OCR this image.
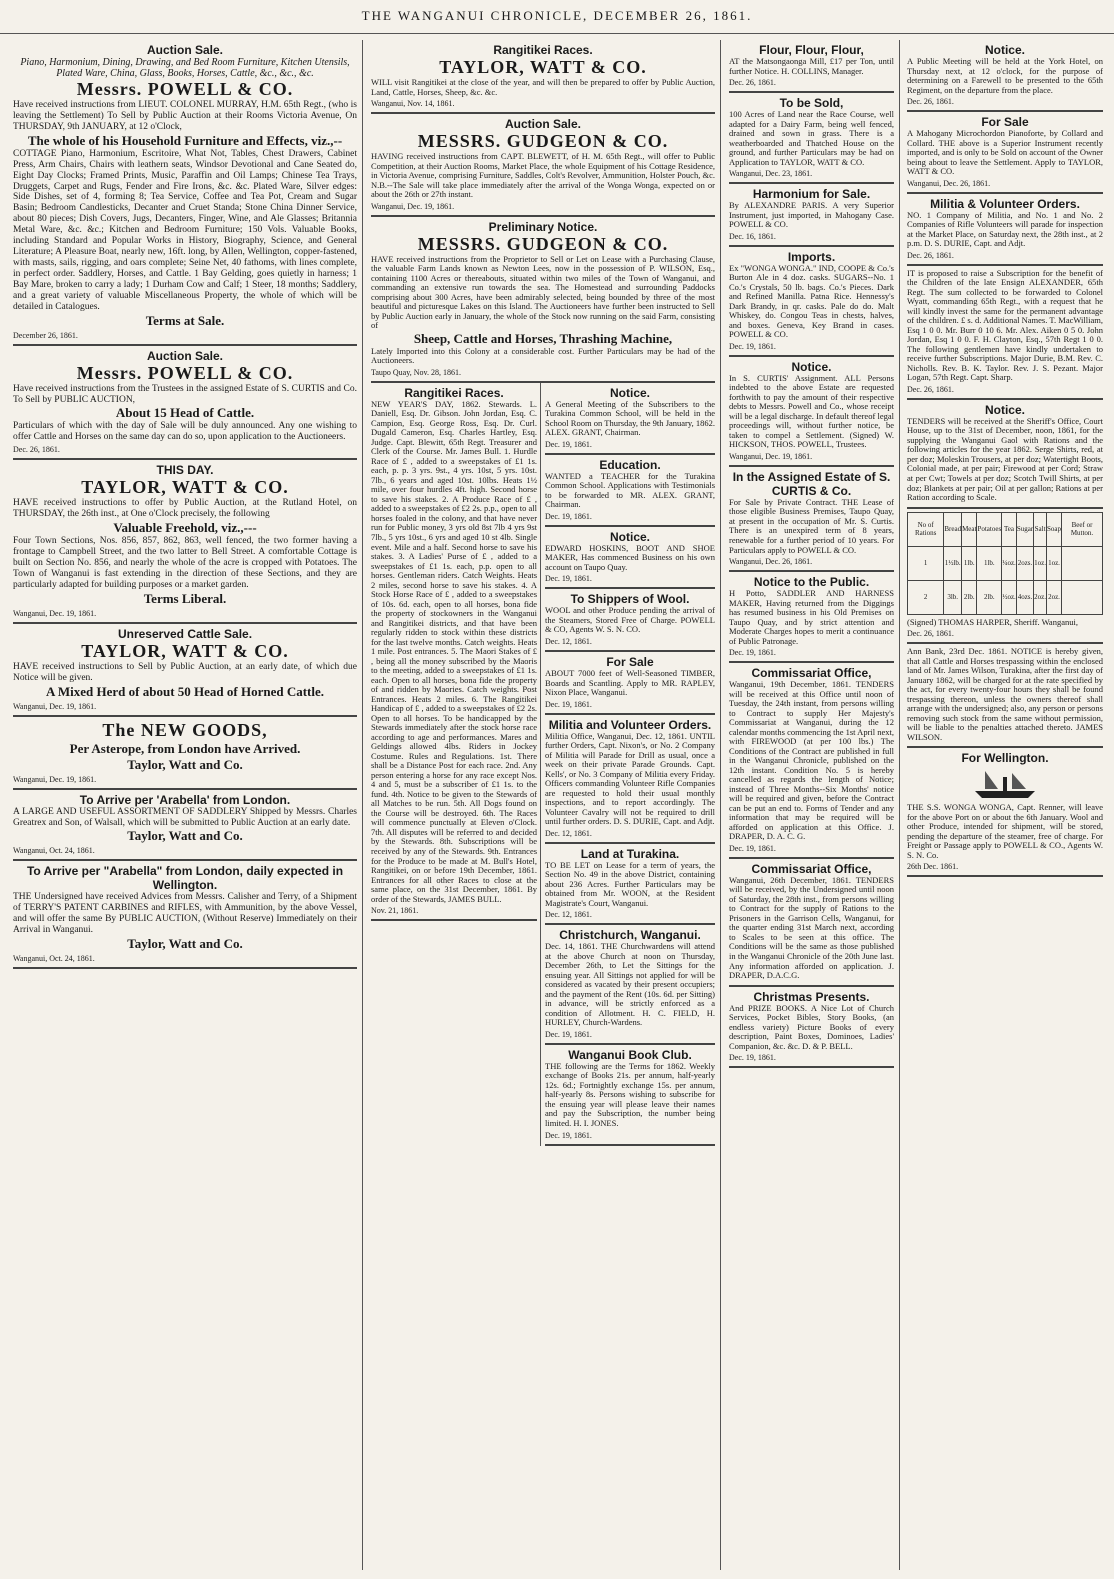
THE WANGANUI CHRONICLE, DECEMBER 26, 1861.
Auction Sale.
Piano, Harmonium, Dining, Drawing, and Bed Room Furniture, Kitchen Utensils, Plated Ware, China, Glass, Books, Horses, Cattle, &c., &c., &c.
Messrs. POWELL & CO.
Have received instructions from LIEUT. COLONEL MURRAY, H.M. 65th Regt., (who is leaving the Settlement) To Sell by Public Auction at their Rooms Victoria Avenue, On THURSDAY, 9th JANUARY, at 12 o'Clock,
The whole of his Household Furniture and Effects, viz.,--
COTTAGE Piano, Harmonium, Escritoire, What Not, Tables, Chest Drawers, Cabinet Press, Arm Chairs, Chairs with leathern seats, Windsor Devotional and Cane Seated do, Eight Day Clocks; Framed Prints, Music, Paraffin and Oil Lamps; Chinese Tea Trays, Druggets, Carpet and Rugs, Fender and Fire Irons, &c. &c. Plated Ware, Silver edges: Side Dishes, set of 4, forming 8; Tea Service, Coffee and Tea Pot, Cream and Sugar Basin; Bedroom Candlesticks, Decanter and Cruet Standa; Stone China Dinner Service, about 80 pieces; Dish Covers, Jugs, Decanters, Finger, Wine, and Ale Glasses; Britannia Metal Ware, &c. &c.; Kitchen and Bedroom Furniture; 150 Vols. Valuable Books, including Standard and Popular Works in History, Biography, Science, and General Literature; A Pleasure Boat, nearly new, 16ft. long, by Allen, Wellington, copper-fastened, with masts, sails, rigging, and oars complete; Seine Net, 40 fathoms, with lines complete, in perfect order. Saddlery, Horses, and Cattle. 1 Bay Gelding, goes quietly in harness; 1 Bay Mare, broken to carry a lady; 1 Durham Cow and Calf; 1 Steer, 18 months; Saddlery, and a great variety of valuable Miscellaneous Property, the whole of which will be detailed in Catalogues.
Terms at Sale.
December 26, 1861.
Auction Sale.
Messrs. POWELL & CO.
Have received instructions from the Trustees in the assigned Estate of S. CURTIS and Co. To Sell by PUBLIC AUCTION,
About 15 Head of Cattle.
Particulars of which with the day of Sale will be duly announced. Any one wishing to offer Cattle and Horses on the same day can do so, upon application to the Auctioneers.
Dec. 26, 1861.
THIS DAY.
TAYLOR, WATT & CO.
HAVE received instructions to offer by Public Auction, at the Rutland Hotel, on THURSDAY, the 26th inst., at One o'Clock precisely, the following
Valuable Freehold, viz.,---
Four Town Sections, Nos. 856, 857, 862, 863, well fenced, the two former having a frontage to Campbell Street, and the two latter to Bell Street. A comfortable Cottage is built on Section No. 856, and nearly the whole of the acre is cropped with Potatoes. The Town of Wanganui is fast extending in the direction of these Sections, and they are particularly adapted for building purposes or a market garden.
Terms Liberal.
Wanganui, Dec. 19, 1861.
Unreserved Cattle Sale.
TAYLOR, WATT & CO.
HAVE received instructions to Sell by Public Auction, at an early date, of which due Notice will be given.
A Mixed Herd of about 50 Head of Horned Cattle.
Wanganui, Dec. 19, 1861.
The NEW GOODS,
Per Asterope, from London have Arrived.
Taylor, Watt and Co.
Wanganui, Dec. 19, 1861.
To Arrive per 'Arabella' from London.
A LARGE AND USEFUL ASSORTMENT OF SADDLERY Shipped by Messrs. Charles Greatrex and Son, of Walsall, which will be submitted to Public Auction at an early date.
Taylor, Watt and Co.
Wanganui, Oct. 24, 1861.
To Arrive per "Arabella" from London, daily expected in Wellington.
THE Undersigned have received Advices from Messrs. Calisher and Terry, of a Shipment of TERRY'S PATENT CARBINES and RIFLES, with Ammunition, by the above Vessel, and will offer the same By PUBLIC AUCTION, (Without Reserve) Immediately on their Arrival in Wanganui.
Taylor, Watt and Co.
Wanganui, Oct. 24, 1861.
Rangitikei Races.
TAYLOR, WATT & CO.
WILL visit Rangitikei at the close of the year, and will then be prepared to offer by Public Auction, Land, Cattle, Horses, Sheep, &c. &c.
Wanganui, Nov. 14, 1861.
Auction Sale.
MESSRS. GUDGEON & CO.
HAVING received instructions from CAPT. BLEWETT, of H. M. 65th Regt., will offer to Public Competition, at their Auction Rooms, Market Place, the whole Equipment of his Cottage Residence, in Victoria Avenue, comprising Furniture, Saddles, Colt's Revolver, Ammunition, Holster Pouch, &c. N.B.--The Sale will take place immediately after the arrival of the Wonga Wonga, expected on or about the 26th or 27th instant.
Wanganui, Dec. 19, 1861.
Preliminary Notice.
MESSRS. GUDGEON & CO.
HAVE received instructions from the Proprietor to Sell or Let on Lease with a Purchasing Clause, the valuable Farm Lands known as Newton Lees, now in the possession of P. WILSON, Esq., containing 1100 Acres or thereabouts, situated within two miles of the Town of Wanganui, and commanding an extensive run towards the sea. The Homestead and surrounding Paddocks comprising about 300 Acres, have been admirably selected, being bounded by three of the most beautiful and picturesque Lakes on this Island. The Auctioneers have further been instructed to Sell by Public Auction early in January, the whole of the Stock now running on the said Farm, consisting of
Sheep, Cattle and Horses, Thrashing Machine,
Lately Imported into this Colony at a considerable cost. Further Particulars may be had of the Auctioneers.
Taupo Quay, Nov. 28, 1861.
Rangitikei Races.
NEW YEAR'S DAY, 1862. Stewards. L. Daniell, Esq. Dr. Gibson. John Jordan, Esq. C. Campion, Esq. George Ross, Esq. Dr. Curl. Dugald Cameron, Esq. Charles Hartley, Esq. Judge. Capt. Blewitt, 65th Regt. Treasurer and Clerk of the Course. Mr. James Bull. 1. Hurdle Race of £ , added to a sweepstakes of £1 1s. each, p. p. 3 yrs. 9st., 4 yrs. 10st, 5 yrs. 10st. 7lb., 6 years and aged 10st. 10lbs. Heats 1½ mile, over four hurdles 4ft. high. Second horse to save his stakes. 2. A Produce Race of £ , added to a sweepstakes of £2 2s. p.p., open to all horses foaled in the colony, and that have never run for Public money, 3 yrs old 8st 7lb 4 yrs 9st 7lb., 5 yrs 10st., 6 yrs and aged 10 st 4lb. Single event. Mile and a half. Second horse to save his stakes. 3. A Ladies' Purse of £ , added to a sweepstakes of £1 1s. each, p.p. open to all horses. Gentleman riders. Catch Weights. Heats 2 miles, second horse to save his stakes. 4. A Stock Horse Race of £ , added to a sweepstakes of 10s. 6d. each, open to all horses, bona fide the property of stockowners in the Wanganui and Rangitikei districts, and that have been regularly ridden to stock within these districts for the last twelve months. Catch weights. Heats 1 mile. Post entrances. 5. The Maori Stakes of £ , being all the money subscribed by the Maoris to the meeting, added to a sweepstakes of £1 1s. each. Open to all horses, bona fide the property of and ridden by Maories. Catch weights. Post Entrances. Heats 2 miles. 6. The Rangitikei Handicap of £ , added to a sweepstakes of £2 2s. Open to all horses. To be handicapped by the Stewards immediately after the stock horse race according to age and performances. Mares and Geldings allowed 4lbs. Riders in Jockey Costume. Rules and Regulations. 1st. There shall be a Distance Post for each race. 2nd. Any person entering a horse for any race except Nos. 4 and 5, must be a subscriber of £1 1s. to the fund. 4th. Notice to be given to the Stewards of all Matches to be run. 5th. All Dogs found on the Course will be destroyed. 6th. The Races will commence punctually at Eleven o'Clock. 7th. All disputes will be referred to and decided by the Stewards. 8th. Subscriptions will be received by any of the Stewards. 9th. Entrances for the Produce to be made at M. Bull's Hotel, Rangitikei, on or before 19th December, 1861. Entrances for all other Races to close at the same place, on the 31st December, 1861. By order of the Stewards, JAMES BULL.
Nov. 21, 1861.
Notice.
A General Meeting of the Subscribers to the Turakina Common School, will be held in the School Room on Thursday, the 9th January, 1862. ALEX. GRANT, Chairman.
Dec. 19, 1861.
Education.
WANTED a TEACHER for the Turakina Common School. Applications with Testimonials to be forwarded to MR. ALEX. GRANT, Chairman.
Dec. 19, 1861.
Notice.
EDWARD HOSKINS, BOOT AND SHOE MAKER, Has commenced Business on his own account on Taupo Quay.
Dec. 19, 1861.
To Shippers of Wool.
WOOL and other Produce pending the arrival of the Steamers, Stored Free of Charge. POWELL & CO, Agents W. S. N. CO.
Dec. 12, 1861.
For Sale
ABOUT 7000 feet of Well-Seasoned TIMBER, Boards and Scantling. Apply to MR. RAPLEY, Nixon Place, Wanganui.
Dec. 19, 1861.
Militia and Volunteer Orders.
Militia Office, Wanganui, Dec. 12, 1861. UNTIL further Orders, Capt. Nixon's, or No. 2 Company of Militia will Parade for Drill as usual, once a week on their private Parade Grounds. Capt. Kells', or No. 3 Company of Militia every Friday. Officers commanding Volunteer Rifle Companies are requested to hold their usual monthly inspections, and to report accordingly. The Volunteer Cavalry will not be required to drill until further orders. D. S. DURIE, Capt. and Adjt.
Dec. 12, 1861.
Land at Turakina.
TO BE LET on Lease for a term of years, the Section No. 49 in the above District, containing about 236 Acres. Further Particulars may be obtained from Mr. WOON, at the Resident Magistrate's Court, Wanganui.
Dec. 12, 1861.
Christchurch, Wanganui.
Dec. 14, 1861. THE Churchwardens will attend at the above Church at noon on Thursday, December 26th, to Let the Sittings for the ensuing year. All Sittings not applied for will be considered as vacated by their present occupiers; and the payment of the Rent (10s. 6d. per Sitting) in advance, will be strictly enforced as a condition of Allotment. H. C. FIELD, H. HURLEY, Church-Wardens.
Dec. 19, 1861.
Wanganui Book Club.
THE following are the Terms for 1862. Weekly exchange of Books 21s. per annum, half-yearly 12s. 6d.; Fortnightly exchange 15s. per annum, half-yearly 8s. Persons wishing to subscribe for the ensuing year will please leave their names and pay the Subscription, the number being limited. H. I. JONES.
Dec. 19, 1861.
Flour, Flour, Flour,
AT the Matsongaonga Mill, £17 per Ton, until further Notice. H. COLLINS, Manager.
Dec. 26, 1861.
To be Sold,
100 Acres of Land near the Race Course, well adapted for a Dairy Farm, being well fenced, drained and sown in grass. There is a weatherboarded and Thatched House on the ground, and further Particulars may be had on Application to TAYLOR, WATT & CO.
Wanganui, Dec. 23, 1861.
Harmonium for Sale.
By ALEXANDRE PARIS. A very Superior Instrument, just imported, in Mahogany Case. POWELL & CO.
Dec. 16, 1861.
Imports.
Ex "WONGA WONGA." IND, COOPE & Co.'s Burton Ale in 4 doz. casks. SUGARS--No. 1 Co.'s Crystals, 50 lb. bags. Co.'s Pieces. Dark and Refined Manilla. Patna Rice. Hennessy's Dark Brandy, in qr. casks. Pale do do. Malt Whiskey, do. Congou Teas in chests, halves, and boxes. Geneva, Key Brand in cases. POWELL & CO.
Dec. 19, 1861.
Notice.
In S. CURTIS' Assignment. ALL Persons indebted to the above Estate are requested forthwith to pay the amount of their respective debts to Messrs. Powell and Co., whose receipt will be a legal discharge. In default thereof legal proceedings will, without further notice, be taken to compel a Settlement. (Signed) W. HICKSON, THOS. POWELL, Trustees.
Wanganui, Dec. 19, 1861.
In the Assigned Estate of S. CURTIS & Co.
For Sale by Private Contract. THE Lease of those eligible Business Premises, Taupo Quay, at present in the occupation of Mr. S. Curtis. There is an unexpired term of 8 years, renewable for a further period of 10 years. For Particulars apply to POWELL & CO.
Wanganui, Dec. 26, 1861.
Notice to the Public.
H Potto, SADDLER AND HARNESS MAKER, Having returned from the Diggings has resumed business in his Old Premises on Taupo Quay, and by strict attention and Moderate Charges hopes to merit a continuance of Public Patronage.
Dec. 19, 1861.
Commissariat Office,
Wanganui, 19th December, 1861. TENDERS will be received at this Office until noon of Tuesday, the 24th instant, from persons willing to Contract to supply Her Majesty's Commissariat at Wanganui, during the 12 calendar months commencing the 1st April next, with FIREWOOD (at per 100 lbs.) The Conditions of the Contract are published in full in the Wanganui Chronicle, published on the 12th instant. Condition No. 5 is hereby cancelled as regards the length of Notice; instead of Three Months--Six Months' notice will be required and given, before the Contract can be put an end to. Forms of Tender and any information that may be required will be afforded on application at this Office. J. DRAPER, D. A. C. G.
Dec. 19, 1861.
Commissariat Office,
Wanganui, 26th December, 1861. TENDERS will be received, by the Undersigned until noon of Saturday, the 28th inst., from persons willing to Contract for the supply of Rations to the Prisoners in the Garrison Cells, Wanganui, for the quarter ending 31st March next, according to Scales to be seen at this office. The Conditions will be the same as those published in the Wanganui Chronicle of the 20th June last. Any information afforded on application. J. DRAPER, D.A.C.G.
Christmas Presents.
And PRIZE BOOKS. A Nice Lot of Church Services, Pocket Bibles, Story Books, (an endless variety) Picture Books of every description, Paint Boxes, Dominoes, Ladies' Companion, &c. &c. D. & P. BELL.
Dec. 19, 1861.
Notice.
A Public Meeting will be held at the York Hotel, on Thursday next, at 12 o'clock, for the purpose of determining on a Farewell to be presented to the 65th Regiment, on the departure from the place.
Dec. 26, 1861.
For Sale
A Mahogany Microchordon Pianoforte, by Collard and Collard. THE above is a Superior Instrument recently imported, and is only to be Sold on account of the Owner being about to leave the Settlement. Apply to TAYLOR, WATT & CO.
Wanganui, Dec. 26, 1861.
Militia & Volunteer Orders.
NO. 1 Company of Militia, and No. 1 and No. 2 Companies of Rifle Volunteers will parade for inspection at the Market Place, on Saturday next, the 28th inst., at 2 p.m. D. S. DURIE, Capt. and Adjt.
Dec. 26, 1861.
IT is proposed to raise a Subscription for the benefit of the Children of the late Ensign ALEXANDER, 65th Regt. The sum collected to be forwarded to Colonel Wyatt, commanding 65th Regt., with a request that he will kindly invest the same for the permanent advantage of the children. £ s. d. Additional Names. T. MacWilliam, Esq 1 0 0. Mr. Burr 0 10 6. Mr. Alex. Aiken 0 5 0. John Jordan, Esq 1 0 0. F. H. Clayton, Esq., 57th Regt 1 0 0. The following gentlemen have kindly undertaken to receive further Subscriptions. Major Durie, B.M. Rev. C. Nicholls. Rev. B. K. Taylor. Rev. J. S. Pezant. Major Logan, 57th Regt. Capt. Sharp.
Dec. 26, 1861.
Notice.
TENDERS will be received at the Sheriff's Office, Court House, up to the 31st of December, noon, 1861, for the supplying the Wanganui Gaol with Rations and the following articles for the year 1862. Serge Shirts, red, at per doz; Moleskin Trousers, at per doz; Watertight Boots, Colonial made, at per pair; Firewood at per Cord; Straw at per Cwt; Towels at per doz; Scotch Twill Shirts, at per doz; Blankets at per pair; Oil at per gallon; Rations at per Ration according to Scale.
No of Rations	Bread	Meat	Potatoes	Tea	Sugar	Salt	Soap	Beef or Mutton.
1	1½lb.	1lb.	1lb.	¼oz.	2ozs.	1oz.	1oz.	
2	3lb.	2lb.	2lb.	½oz.	4ozs.	2oz.	2oz.	
(Signed) THOMAS HARPER, Sheriff. Wanganui,
Dec. 26, 1861.
Ann Bank, 23rd Dec. 1861. NOTICE is hereby given, that all Cattle and Horses trespassing within the enclosed land of Mr. James Wilson, Turakina, after the first day of January 1862, will be charged for at the rate specified by the act, for every twenty-four hours they shall be found trespassing thereon, unless the owners thereof shall arrange with the undersigned; also, any person or persons removing such stock from the same without permission, will be liable to the penalties attached thereto. JAMES WILSON.
For Wellington.
THE S.S. WONGA WONGA, Capt. Renner, will leave for the above Port on or about the 6th January. Wool and other Produce, intended for shipment, will be stored, pending the departure of the steamer, free of charge. For Freight or Passage apply to POWELL & CO., Agents W. S. N. Co.
26th Dec. 1861.
